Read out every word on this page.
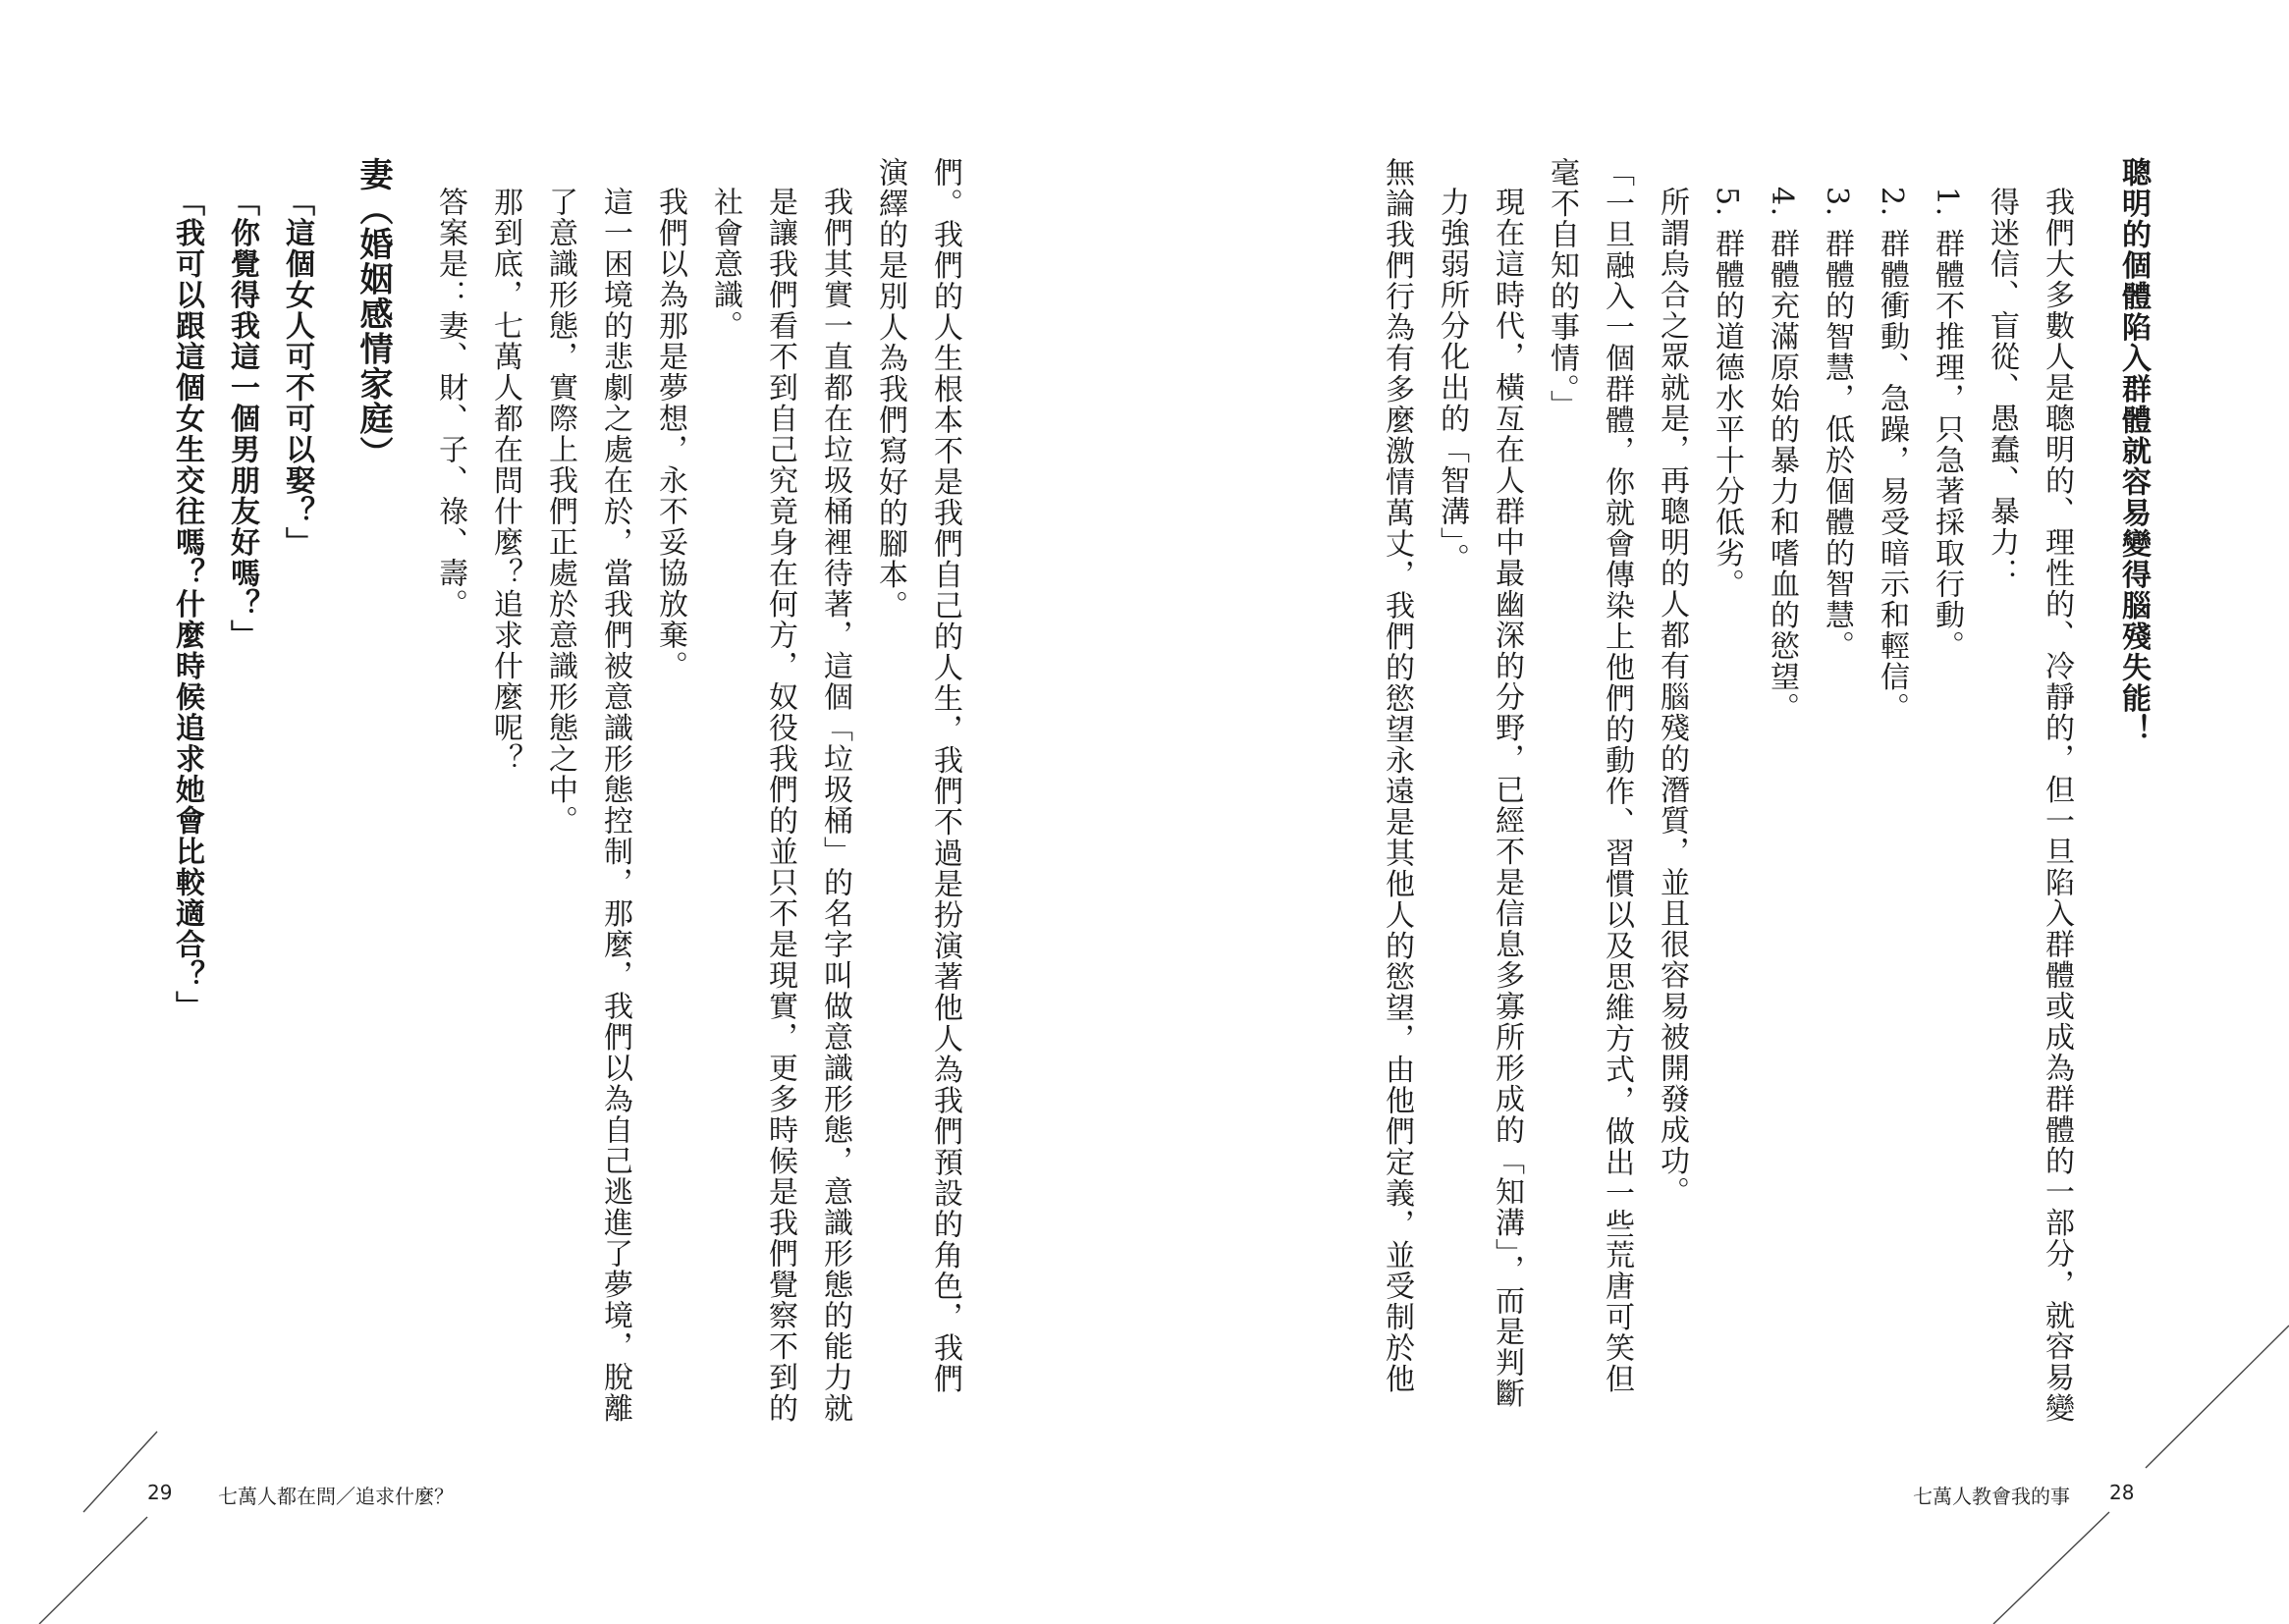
聰明的個體陷入群體就容易變得腦殘失能！

我們大多數人是聰明的、理性的、冷靜的，但一旦陷入群體或成為群體的一部分，就容易變得迷信、盲從、愚蠢、暴力：

1. 群體不推理，只急著採取行動。

2. 群體衝動、急躁，易受暗示和輕信。

3. 群體的智慧，低於個體的智慧。

4. 群體充滿原始的暴力和嗜血的慾望。

5. 群體的道德水平十分低劣。

所謂烏合之眾就是，再聰明的人都有腦殘的潛質，並且很容易被開發成功。

「一旦融入一個群體，你就會傳染上他們的動作、習慣以及思維方式，做出一些荒唐可笑但毫不自知的事情。」

現在這時代，橫亙在人群中最幽深的分野，已經不是信息多寡所形成的「知溝」，而是判斷力強弱所分化出的「智溝」。

無論我們行為有多麼激情萬丈，我們的慾望永遠是其他人的慾望，由他們定義，並受制於他

們。我們的人生根本不是我們自己的人生，我們不過是扮演著他人為我們預設的角色，我們演繹的是別人為我們寫好的腳本。

我們其實一直都在垃圾桶裡待著，這個「垃圾桶」的名字叫做意識形態，意識形態的能力就是讓我們看不到自己究竟身在何方，奴役我們的並只不是現實，更多時候是我們覺察不到的社會意識。

我們以為那是夢想，永不妥協放棄。

這一困境的悲劇之處在於，當我們被意識形態控制，那麼，我們以為自己逃進了夢境，脫離了意識形態，實際上我們正處於意識形態之中。

那到底，七萬人都在問什麼？追求什麼呢？

答案是：妻、財、子、祿、壽。

妻（婚姻感情家庭）

「這個女人可不可以娶？」

「你覺得我這一個男朋友好嗎？」

「我可以跟這個女生交往嗎？什麼時候追求她會比較適合？」

29 七萬人都在問／追求什麼？	七萬人教會我的事 28
